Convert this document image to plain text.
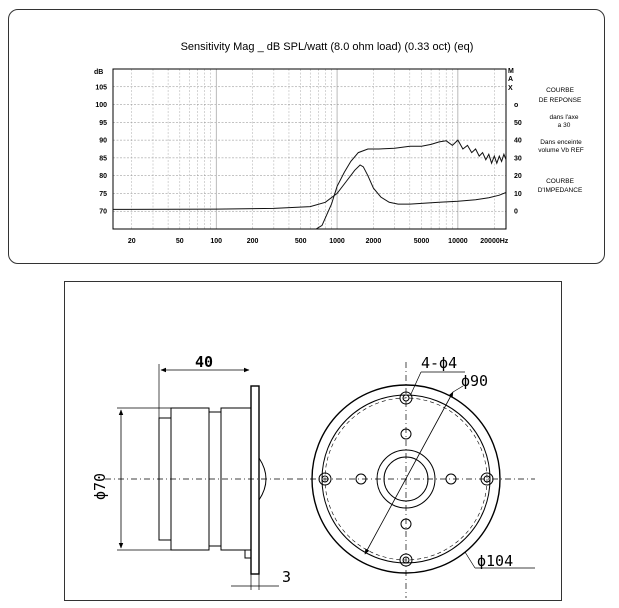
Sensitivity Mag _ dB SPL/watt (8.0 ohm load) (0.33 oct) (eq)
dB
20	50	100	200	500	1000	2000	5000	10000 20000Hz
105
100
95
90
85
80
75
70
o
50
40
30
20
10
0
M
A
X	COURBE
DE REPONSE
dans l'axe
a 30
Dans enceinte
volume Vb REF
COURBE
D'IMPEDANCE
40
ϕ70
3
4-ϕ4
ϕ90
ϕ104
